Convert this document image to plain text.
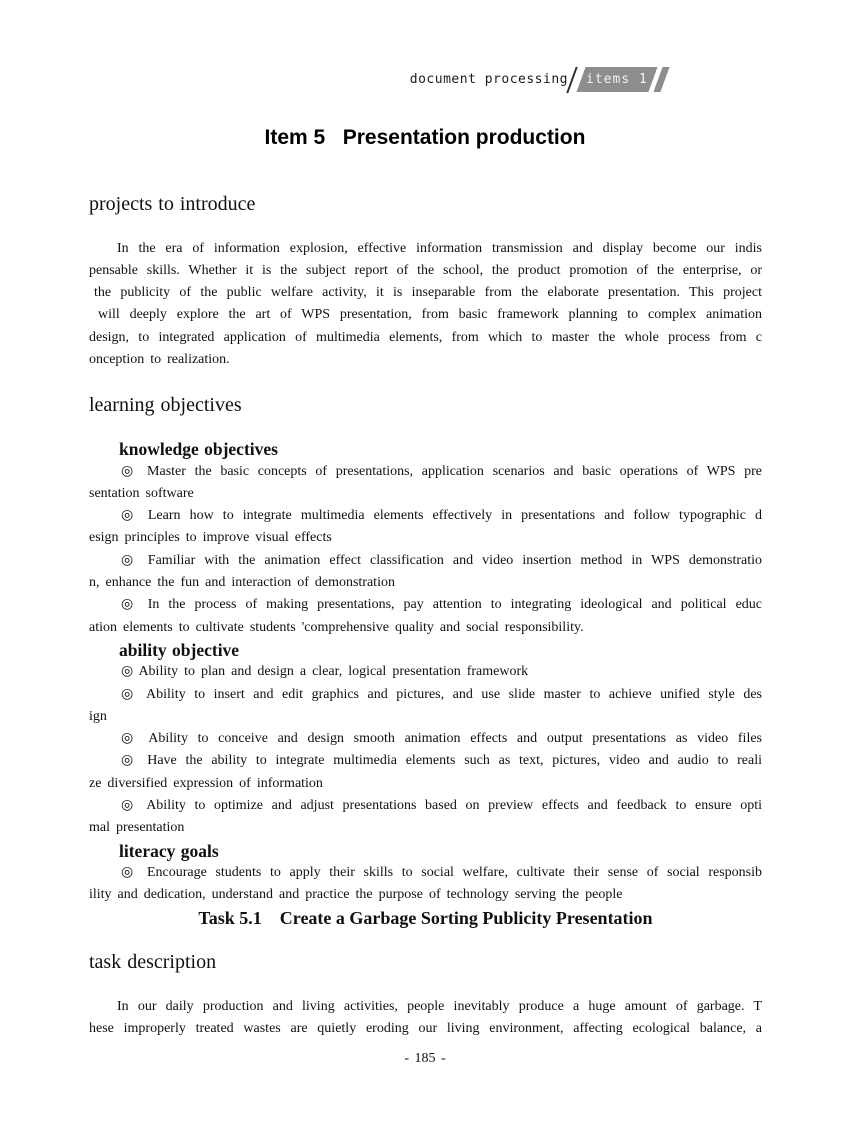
document processing items 1
Item 5   Presentation production
projects to introduce
In the era of information explosion, effective information transmission and display become our indis
pensable skills. Whether it is the subject report of the school, the product promotion of the enterprise, or
the publicity of the public welfare activity, it is inseparable from the elaborate presentation. This project
will deeply explore the art of WPS presentation, from basic framework planning to complex animation
design, to integrated application of multimedia elements, from which to master the whole process from c
onception to realization.
learning objectives
knowledge objectives
◎ Master the basic concepts of presentations, application scenarios and basic operations of WPS pre
sentation software
◎ Learn how to integrate multimedia elements effectively in presentations and follow typographic d
esign principles to improve visual effects
◎ Familiar with the animation effect classification and video insertion method in WPS demonstratio
n, enhance the fun and interaction of demonstration
◎ In the process of making presentations, pay attention to integrating ideological and political educ
ation elements to cultivate students 'comprehensive quality and social responsibility.
ability objective
◎ Ability to plan and design a clear, logical presentation framework
◎ Ability to insert and edit graphics and pictures, and use slide master to achieve unified style des
ign
◎ Ability to conceive and design smooth animation effects and output presentations as video files
◎ Have the ability to integrate multimedia elements such as text, pictures, video and audio to reali
ze diversified expression of information
◎ Ability to optimize and adjust presentations based on preview effects and feedback to ensure opti
mal presentation
literacy goals
◎ Encourage students to apply their skills to social welfare, cultivate their sense of social responsib
ility and dedication, understand and practice the purpose of technology serving the people
Task 5.1    Create a Garbage Sorting Publicity Presentation
task description
In our daily production and living activities, people inevitably produce a huge amount of garbage. T
hese improperly treated wastes are quietly eroding our living environment, affecting ecological balance, a
- 185 -
